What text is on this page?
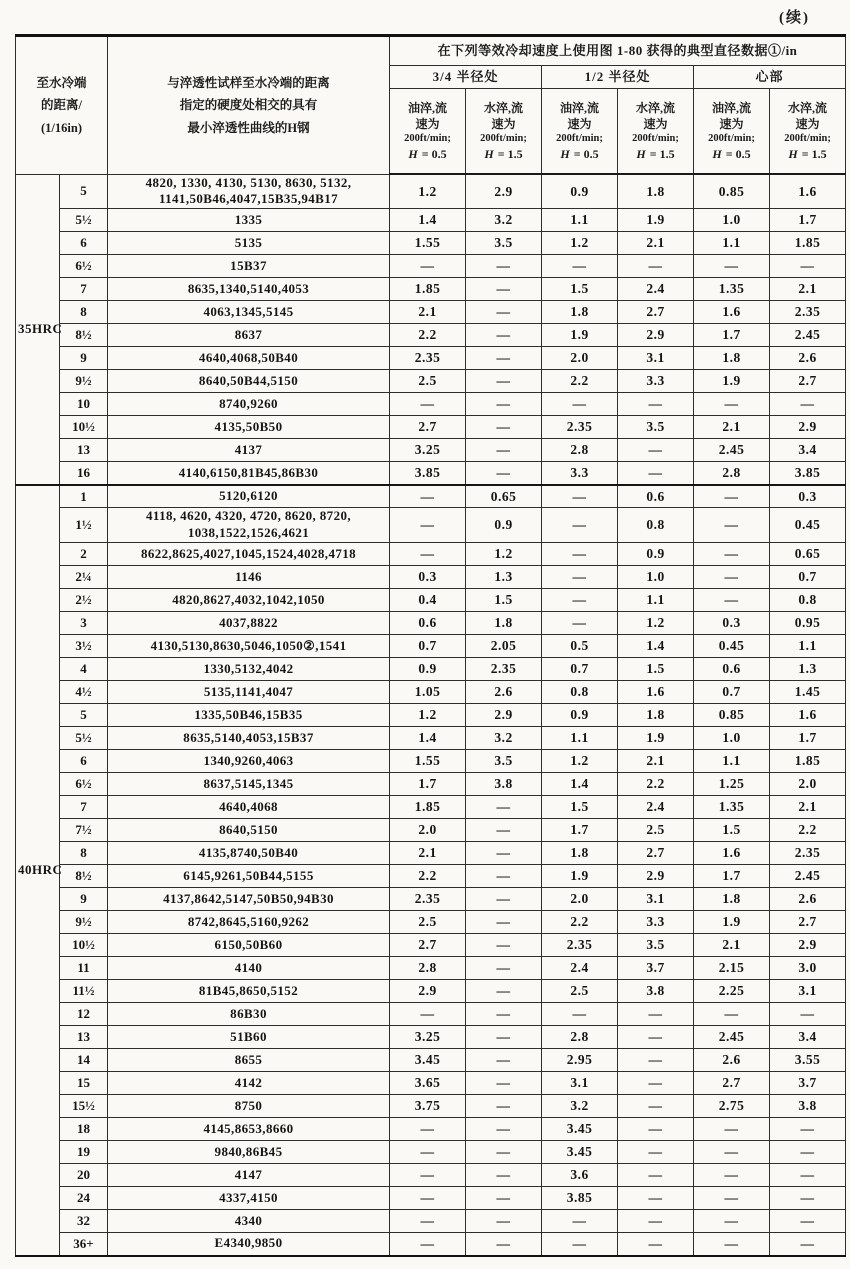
(续)
至水冷端
的距离/
(1/16in)

与淬透性试样至水冷端的距离
指定的硬度处相交的具有
最小淬透性曲线的H钢
	在下列等效冷却速度上使用图 1-80 获得的典型直径数据①/in
			3/4 半径处		1/2 半径处		心部	

油淬,流
速为
200ft/min;
H = 0.5

水淬,流
速为
200ft/min;
H = 1.5

油淬,流
速为
200ft/min;
H = 0.5

水淬,流
速为
200ft/min;
H = 1.5

油淬,流
速为
200ft/min;
H = 0.5

水淬,流
速为
200ft/min;
H = 1.5

35HRC	5	4820, 1330, 4130, 5130, 8630, 5132, 1141,50B46,4047,15B35,94B17	1.2	2.9	0.9	1.8	0.85	1.6
	5½	1335	1.4	3.2	1.1	1.9	1.0	1.7
	6	5135	1.55	3.5	1.2	2.1	1.1	1.85
	6½	15B37	—	—	—	—	—	—
	7	8635,1340,5140,4053	1.85	—	1.5	2.4	1.35	2.1
	8	4063,1345,5145	2.1	—	1.8	2.7	1.6	2.35
	8½	8637	2.2	—	1.9	2.9	1.7	2.45
	9	4640,4068,50B40	2.35	—	2.0	3.1	1.8	2.6
	9½	8640,50B44,5150	2.5	—	2.2	3.3	1.9	2.7
	10	8740,9260	—	—	—	—	—	—
	10½	4135,50B50	2.7	—	2.35	3.5	2.1	2.9
	13	4137	3.25	—	2.8	—	2.45	3.4
	16	4140,6150,81B45,86B30	3.85	—	3.3	—	2.8	3.85
40HRC	1	5120,6120	—	0.65	—	0.6	—	0.3
	1½	4118, 4620, 4320, 4720, 8620, 8720, 1038,1522,1526,4621	—	0.9	—	0.8	—	0.45
	2	8622,8625,4027,1045,1524,4028,4718	—	1.2	—	0.9	—	0.65
	2¼	1146	0.3	1.3	—	1.0	—	0.7
	2½	4820,8627,4032,1042,1050	0.4	1.5	—	1.1	—	0.8
	3	4037,8822	0.6	1.8	—	1.2	0.3	0.95
	3½	4130,5130,8630,5046,1050②,1541	0.7	2.05	0.5	1.4	0.45	1.1
	4	1330,5132,4042	0.9	2.35	0.7	1.5	0.6	1.3
	4½	5135,1141,4047	1.05	2.6	0.8	1.6	0.7	1.45
	5	1335,50B46,15B35	1.2	2.9	0.9	1.8	0.85	1.6
	5½	8635,5140,4053,15B37	1.4	3.2	1.1	1.9	1.0	1.7
	6	1340,9260,4063	1.55	3.5	1.2	2.1	1.1	1.85
	6½	8637,5145,1345	1.7	3.8	1.4	2.2	1.25	2.0
	7	4640,4068	1.85	—	1.5	2.4	1.35	2.1
	7½	8640,5150	2.0	—	1.7	2.5	1.5	2.2
	8	4135,8740,50B40	2.1	—	1.8	2.7	1.6	2.35
	8½	6145,9261,50B44,5155	2.2	—	1.9	2.9	1.7	2.45
	9	4137,8642,5147,50B50,94B30	2.35	—	2.0	3.1	1.8	2.6
	9½	8742,8645,5160,9262	2.5	—	2.2	3.3	1.9	2.7
	10½	6150,50B60	2.7	—	2.35	3.5	2.1	2.9
	11	4140	2.8	—	2.4	3.7	2.15	3.0
	11½	81B45,8650,5152	2.9	—	2.5	3.8	2.25	3.1
	12	86B30	—	—	—	—	—	—
	13	51B60	3.25	—	2.8	—	2.45	3.4
	14	8655	3.45	—	2.95	—	2.6	3.55
	15	4142	3.65	—	3.1	—	2.7	3.7
	15½	8750	3.75	—	3.2	—	2.75	3.8
	18	4145,8653,8660	—	—	3.45	—	—	—
	19	9840,86B45	—	—	3.45	—	—	—
	20	4147	—	—	3.6	—	—	—
	24	4337,4150	—	—	3.85	—	—	—
	32	4340	—	—	—	—	—	—
	36+	E4340,9850	—	—	—	—	—	—
